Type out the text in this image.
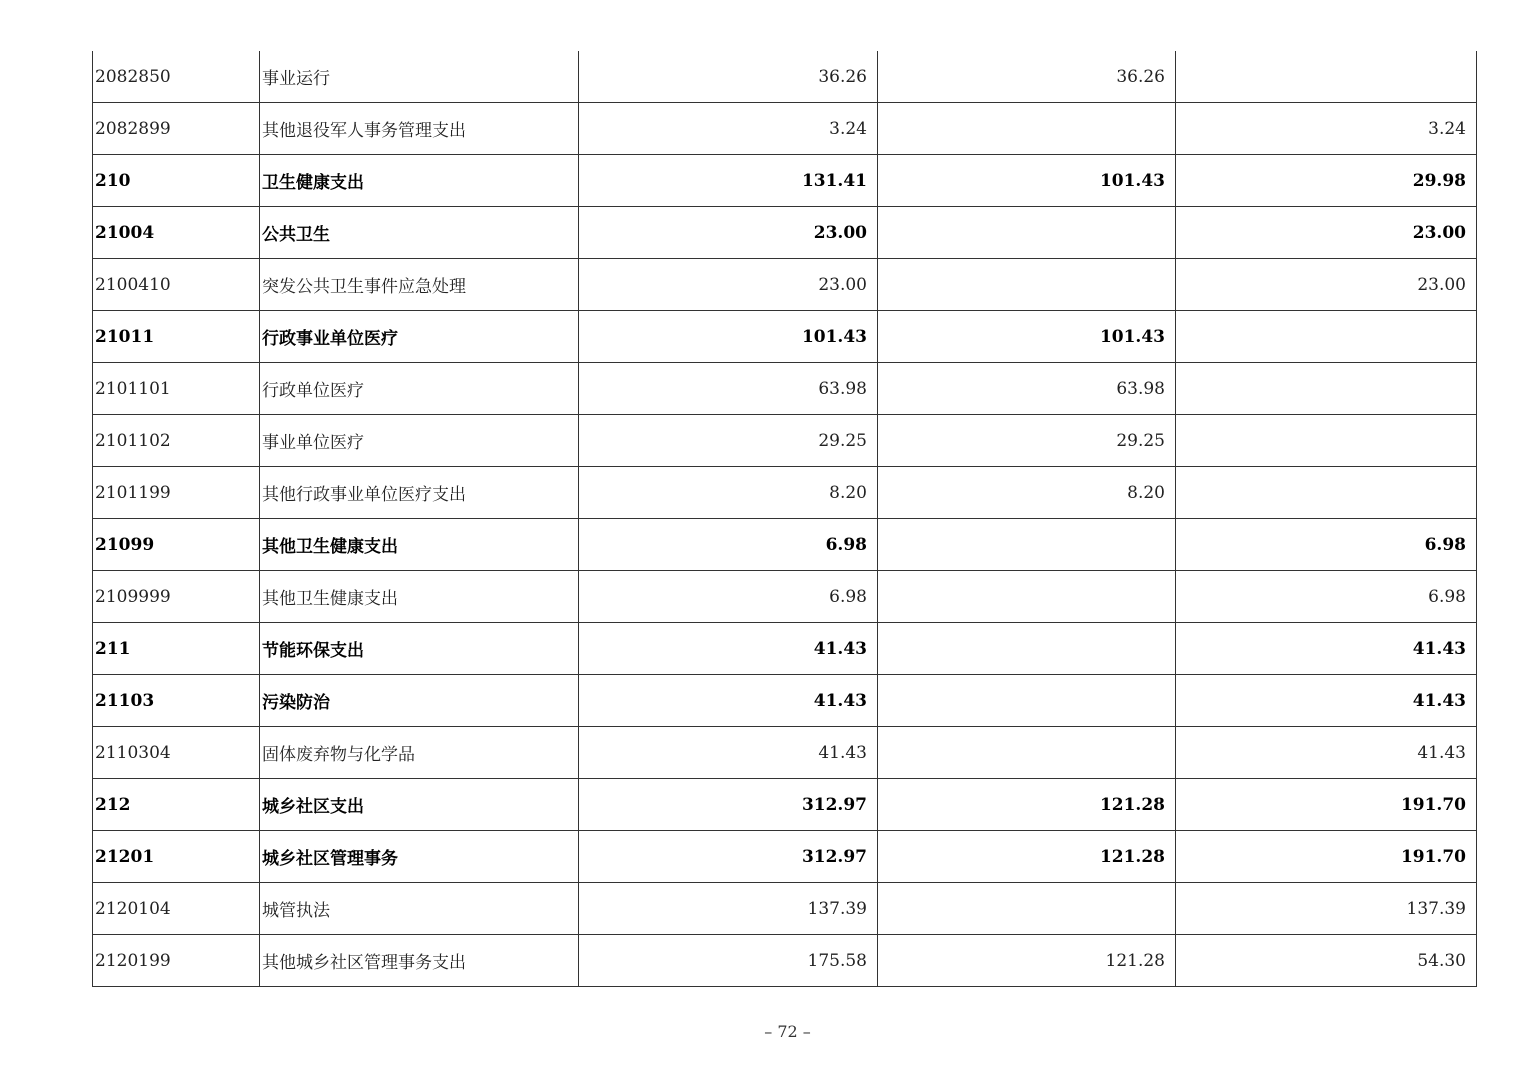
2082850	事业运行	36.26	36.26	
2082899	其他退役军人事务管理支出	3.24		3.24
210	卫生健康支出	131.41	101.43	29.98
21004	公共卫生	23.00		23.00
2100410	突发公共卫生事件应急处理	23.00		23.00
21011	行政事业单位医疗	101.43	101.43	
2101101	行政单位医疗	63.98	63.98	
2101102	事业单位医疗	29.25	29.25	
2101199	其他行政事业单位医疗支出	8.20	8.20	
21099	其他卫生健康支出	6.98		6.98
2109999	其他卫生健康支出	6.98		6.98
211	节能环保支出	41.43		41.43
21103	污染防治	41.43		41.43
2110304	固体废弃物与化学品	41.43		41.43
212	城乡社区支出	312.97	121.28	191.70
21201	城乡社区管理事务	312.97	121.28	191.70
2120104	城管执法	137.39		137.39
2120199	其他城乡社区管理事务支出	175.58	121.28	54.30
– 72 –
